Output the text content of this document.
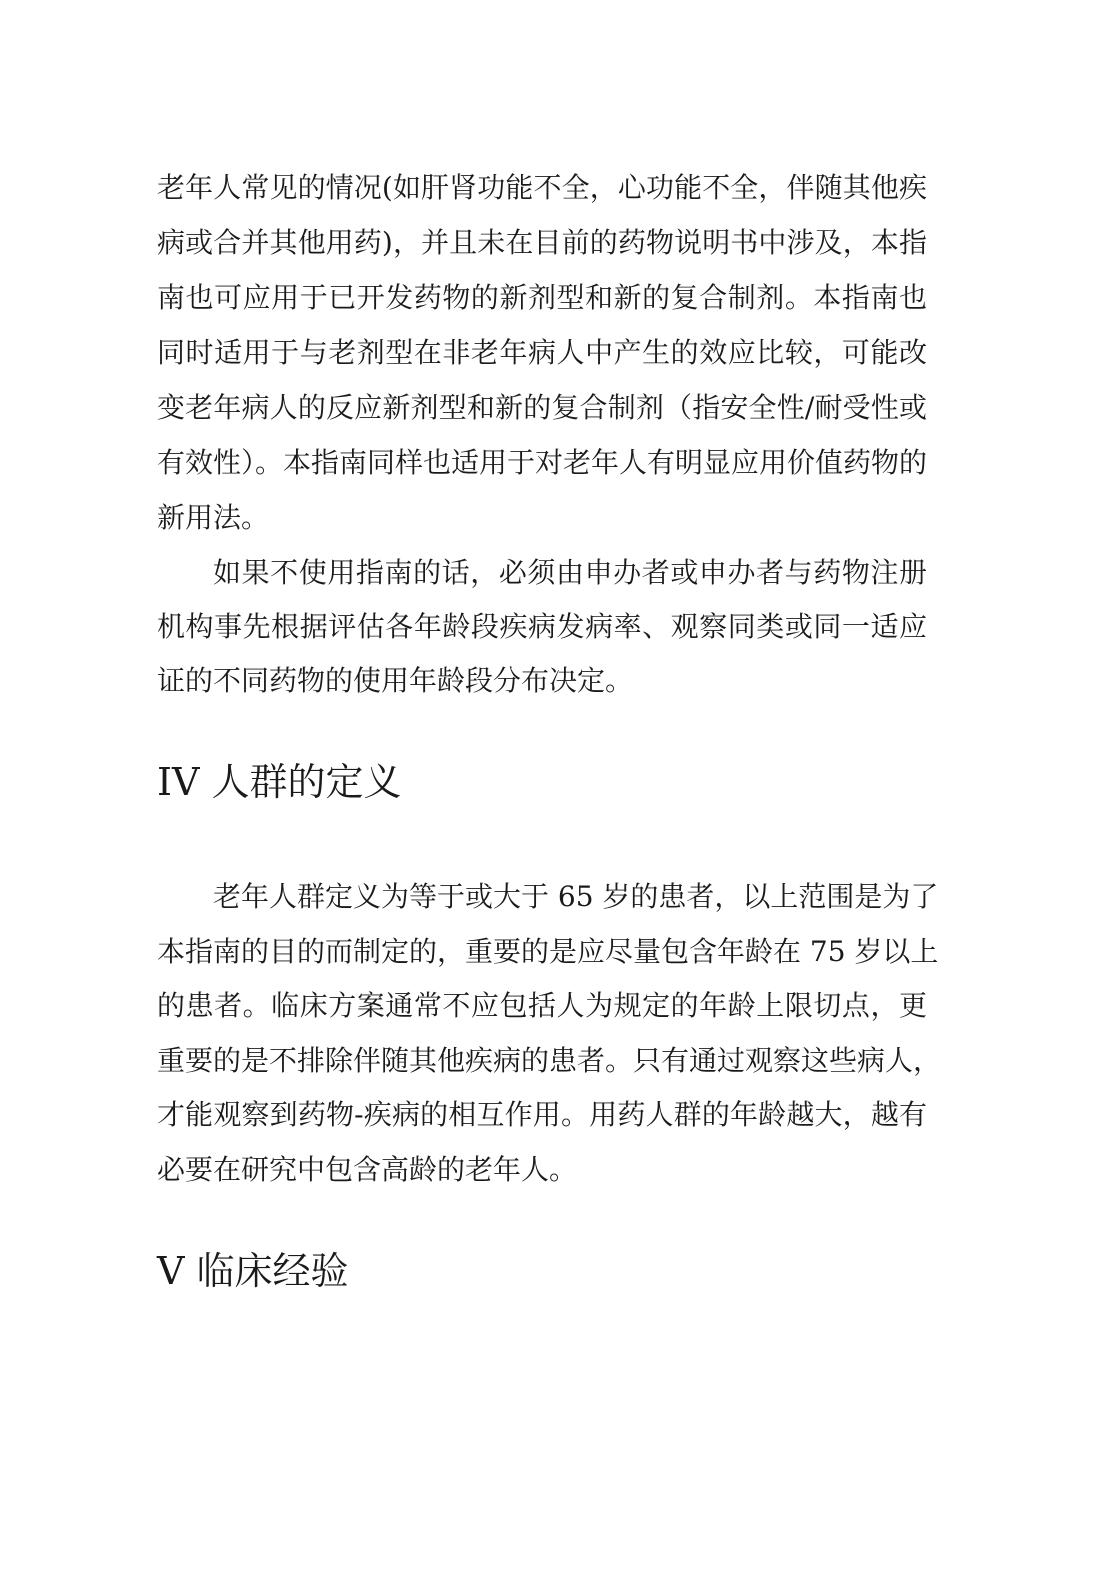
老年人常见的情况(如肝肾功能不全，心功能不全，伴随其他疾
病或合并其他用药)，并且未在目前的药物说明书中涉及，本指
南也可应用于已开发药物的新剂型和新的复合制剂。本指南也
同时适用于与老剂型在非老年病人中产生的效应比较，可能改
变老年病人的反应新剂型和新的复合制剂（指安全性/耐受性或
有效性）。本指南同样也适用于对老年人有明显应用价值药物的
新用法。
如果不使用指南的话，必须由申办者或申办者与药物注册
机构事先根据评估各年龄段疾病发病率、观察同类或同一适应
证的不同药物的使用年龄段分布决定。
IV 人群的定义
老年人群定义为等于或大于 65 岁的患者，以上范围是为了
本指南的目的而制定的，重要的是应尽量包含年龄在 75 岁以上
的患者。临床方案通常不应包括人为规定的年龄上限切点，更
重要的是不排除伴随其他疾病的患者。只有通过观察这些病人，
才能观察到药物-疾病的相互作用。用药人群的年龄越大，越有
必要在研究中包含高龄的老年人。
V 临床经验
